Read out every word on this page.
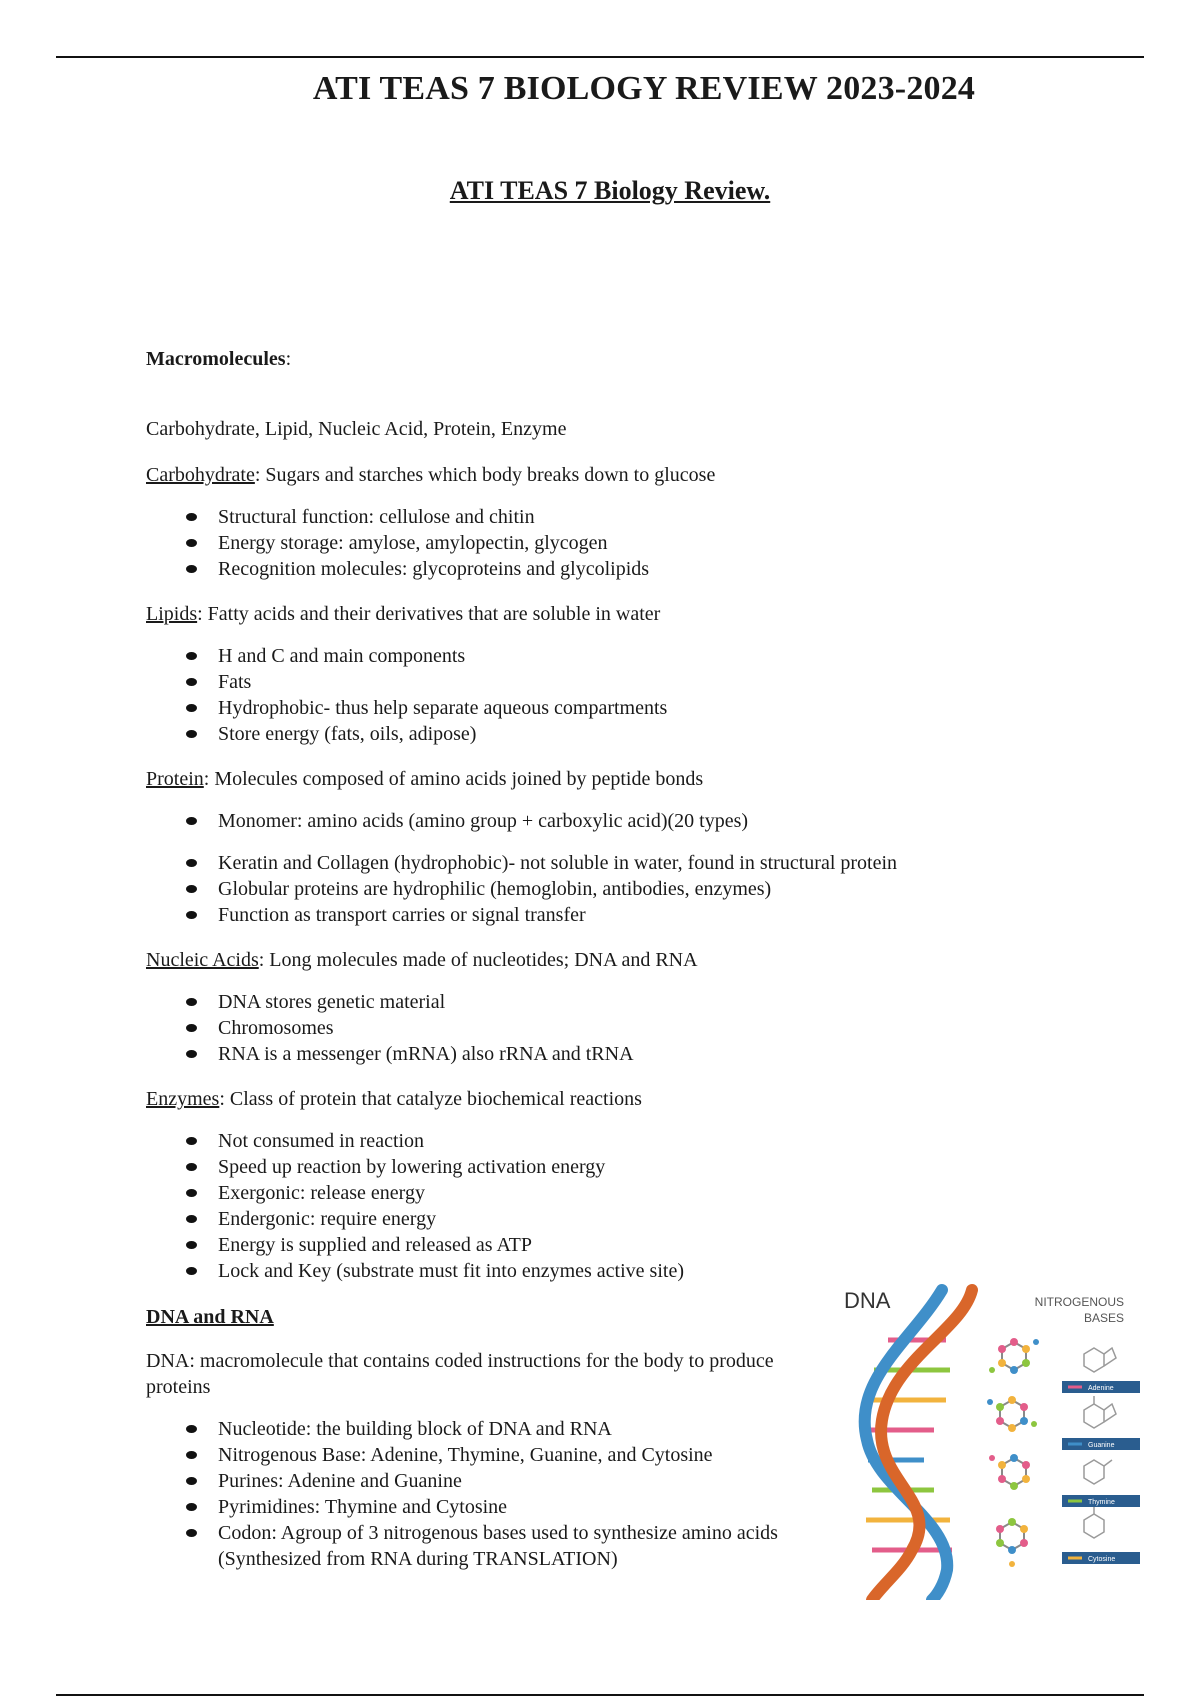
ATI TEAS 7 BIOLOGY REVIEW 2023-2024
ATI TEAS 7 Biology Review.

Macromolecules:

Carbohydrate, Lipid, Nucleic Acid, Protein, Enzyme

Carbohydrate: Sugars and starches which body breaks down to glucose

Structural function: cellulose and chitin
Energy storage: amylose, amylopectin, glycogen
Recognition molecules: glycoproteins and glycolipids

Lipids: Fatty acids and their derivatives that are soluble in water

H and C and main components
Fats
Hydrophobic- thus help separate aqueous compartments
Store energy (fats, oils, adipose)

Protein: Molecules composed of amino acids joined by peptide bonds

Monomer: amino acids (amino group + carboxylic acid)(20 types)
Keratin and Collagen (hydrophobic)- not soluble in water, found in structural protein
Globular proteins are hydrophilic (hemoglobin, antibodies, enzymes)
Function as transport carries or signal transfer

Nucleic Acids: Long molecules made of nucleotides; DNA and RNA

DNA stores genetic material
Chromosomes
RNA is a messenger (mRNA) also rRNA and tRNA

Enzymes: Class of protein that catalyze biochemical reactions

Not consumed in reaction
Speed up reaction by lowering activation energy
Exergonic: release energy
Endergonic: require energy
Energy is supplied and released as ATP
Lock and Key (substrate must fit into enzymes active site)

DNA and RNA

DNA: macromolecule that contains coded instructions for the body to produce proteins

Nucleotide: the building block of DNA and RNA
Nitrogenous Base: Adenine, Thymine, Guanine, and Cytosine
Purines: Adenine and Guanine
Pyrimidines: Thymine and Cytosine
Codon: Agroup of 3 nitrogenous bases used to synthesize amino acids (Synthesized from RNA during TRANSLATION)
DNA	NITROGENOUS
BASES
Adenine
Guanine
Thymine
Cytosine
